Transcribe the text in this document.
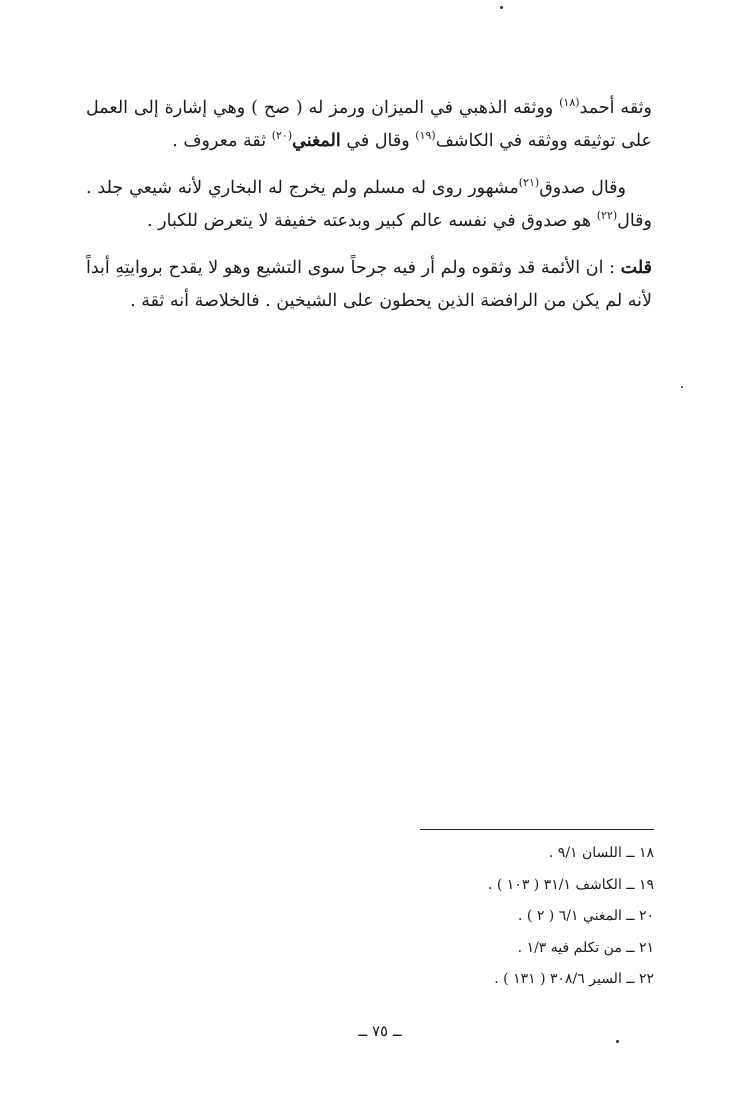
وثقه أحمد$^{(١٨)}$ ووثقه الذهبي في الميزان ورمز له ( صح ) وهي إشارة إلى العمل على توثيقه ووثقه في الكاشف$^{(١٩)}$ وقال في المغني$^{(٢٠)}$ ثقة معروف .

وقال صدوق$^{(٢١)}$مشهور روى له مسلم ولم يخرج له البخاري لأنه شيعي جلد . وقال$^{(٢٢)}$ هو صدوق في نفسه عالم كبير وبدعته خفيفة لا يتعرض للكبار .

قلت : ان الأئمة قد وثقوه ولم أر فيه جرحاً سوى التشيع وهو لا يقدح بروايتِهِ أبداً لأنه لم يكن من الرافضة الذين يحطون على الشيخين . فالخلاصة أنه ثقة .

١٨ ــ اللسان ٩/١ .
١٩ ــ الكاشف ٣١/١ ( ١٠٣ ) .
٢٠ ــ المغني ٦/١ ( ٢ ) .
٢١ ــ من تكلم فيه ١/٣ .
٢٢ ــ السير ٣٠٨/٦ ( ١٣١ ) .
ــ ٧٥ ــ
